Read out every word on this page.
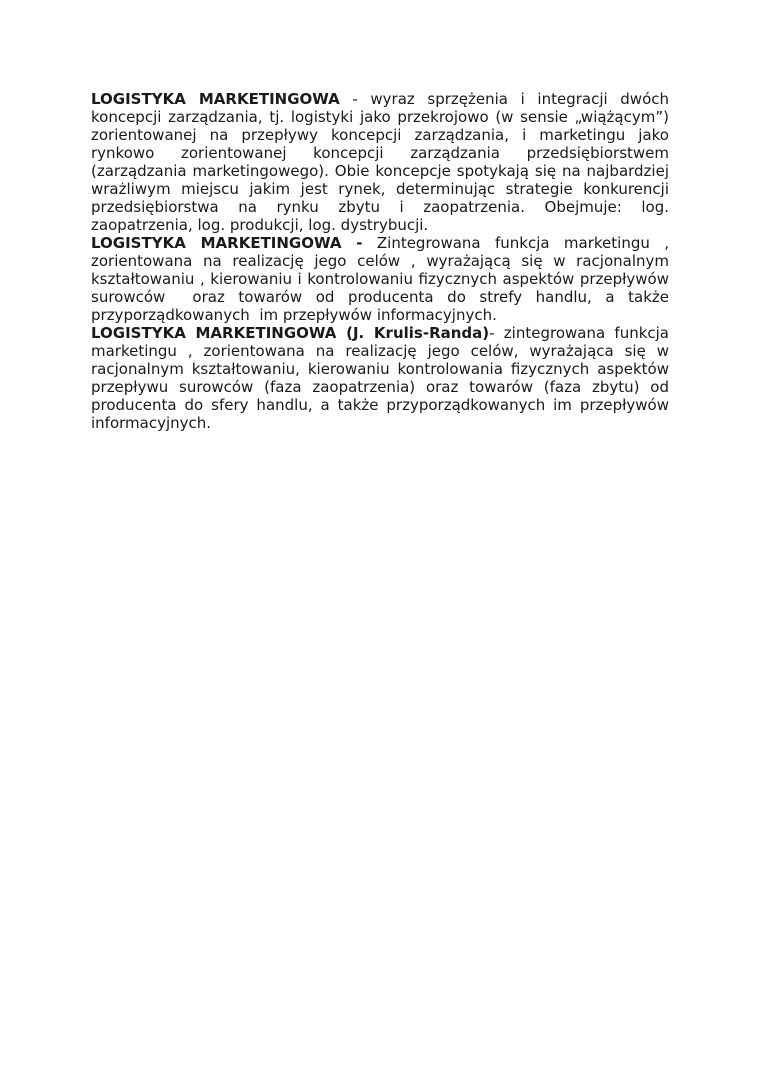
LOGISTYKA MARKETINGOWA - wyraz sprzężenia i integracji dwóch koncepcji zarządzania, tj. logistyki jako przekrojowo (w sensie „wiążącym”) zorientowanej na przepływy koncepcji zarządzania, i marketingu jako rynkowo zorientowanej koncepcji zarządzania przedsiębiorstwem (zarządzania marketingowego). Obie koncepcje spotykają się na najbardziej wrażliwym miejscu jakim jest rynek, determinując strategie konkurencji przedsiębiorstwa na rynku zbytu i zaopatrzenia. Obejmuje: log. zaopatrzenia, log. produkcji, log. dystrybucji.

LOGISTYKA MARKETINGOWA - Zintegrowana funkcja marketingu , zorientowana na realizację jego celów , wyrażającą się w racjonalnym kształtowaniu , kierowaniu i kontrolowaniu fizycznych aspektów przepływów surowców  oraz towarów od producenta do strefy handlu, a także przyporządkowanych  im przepływów informacyjnych.

LOGISTYKA MARKETINGOWA (J. Krulis-Randa)- zintegrowana funkcja marketingu , zorientowana na realizację jego celów, wyrażająca się w racjonalnym kształtowaniu, kierowaniu kontrolowania fizycznych aspektów przepływu surowców (faza zaopatrzenia) oraz towarów (faza zbytu) od producenta do sfery handlu, a także przyporządkowanych im przepływów informacyjnych.
